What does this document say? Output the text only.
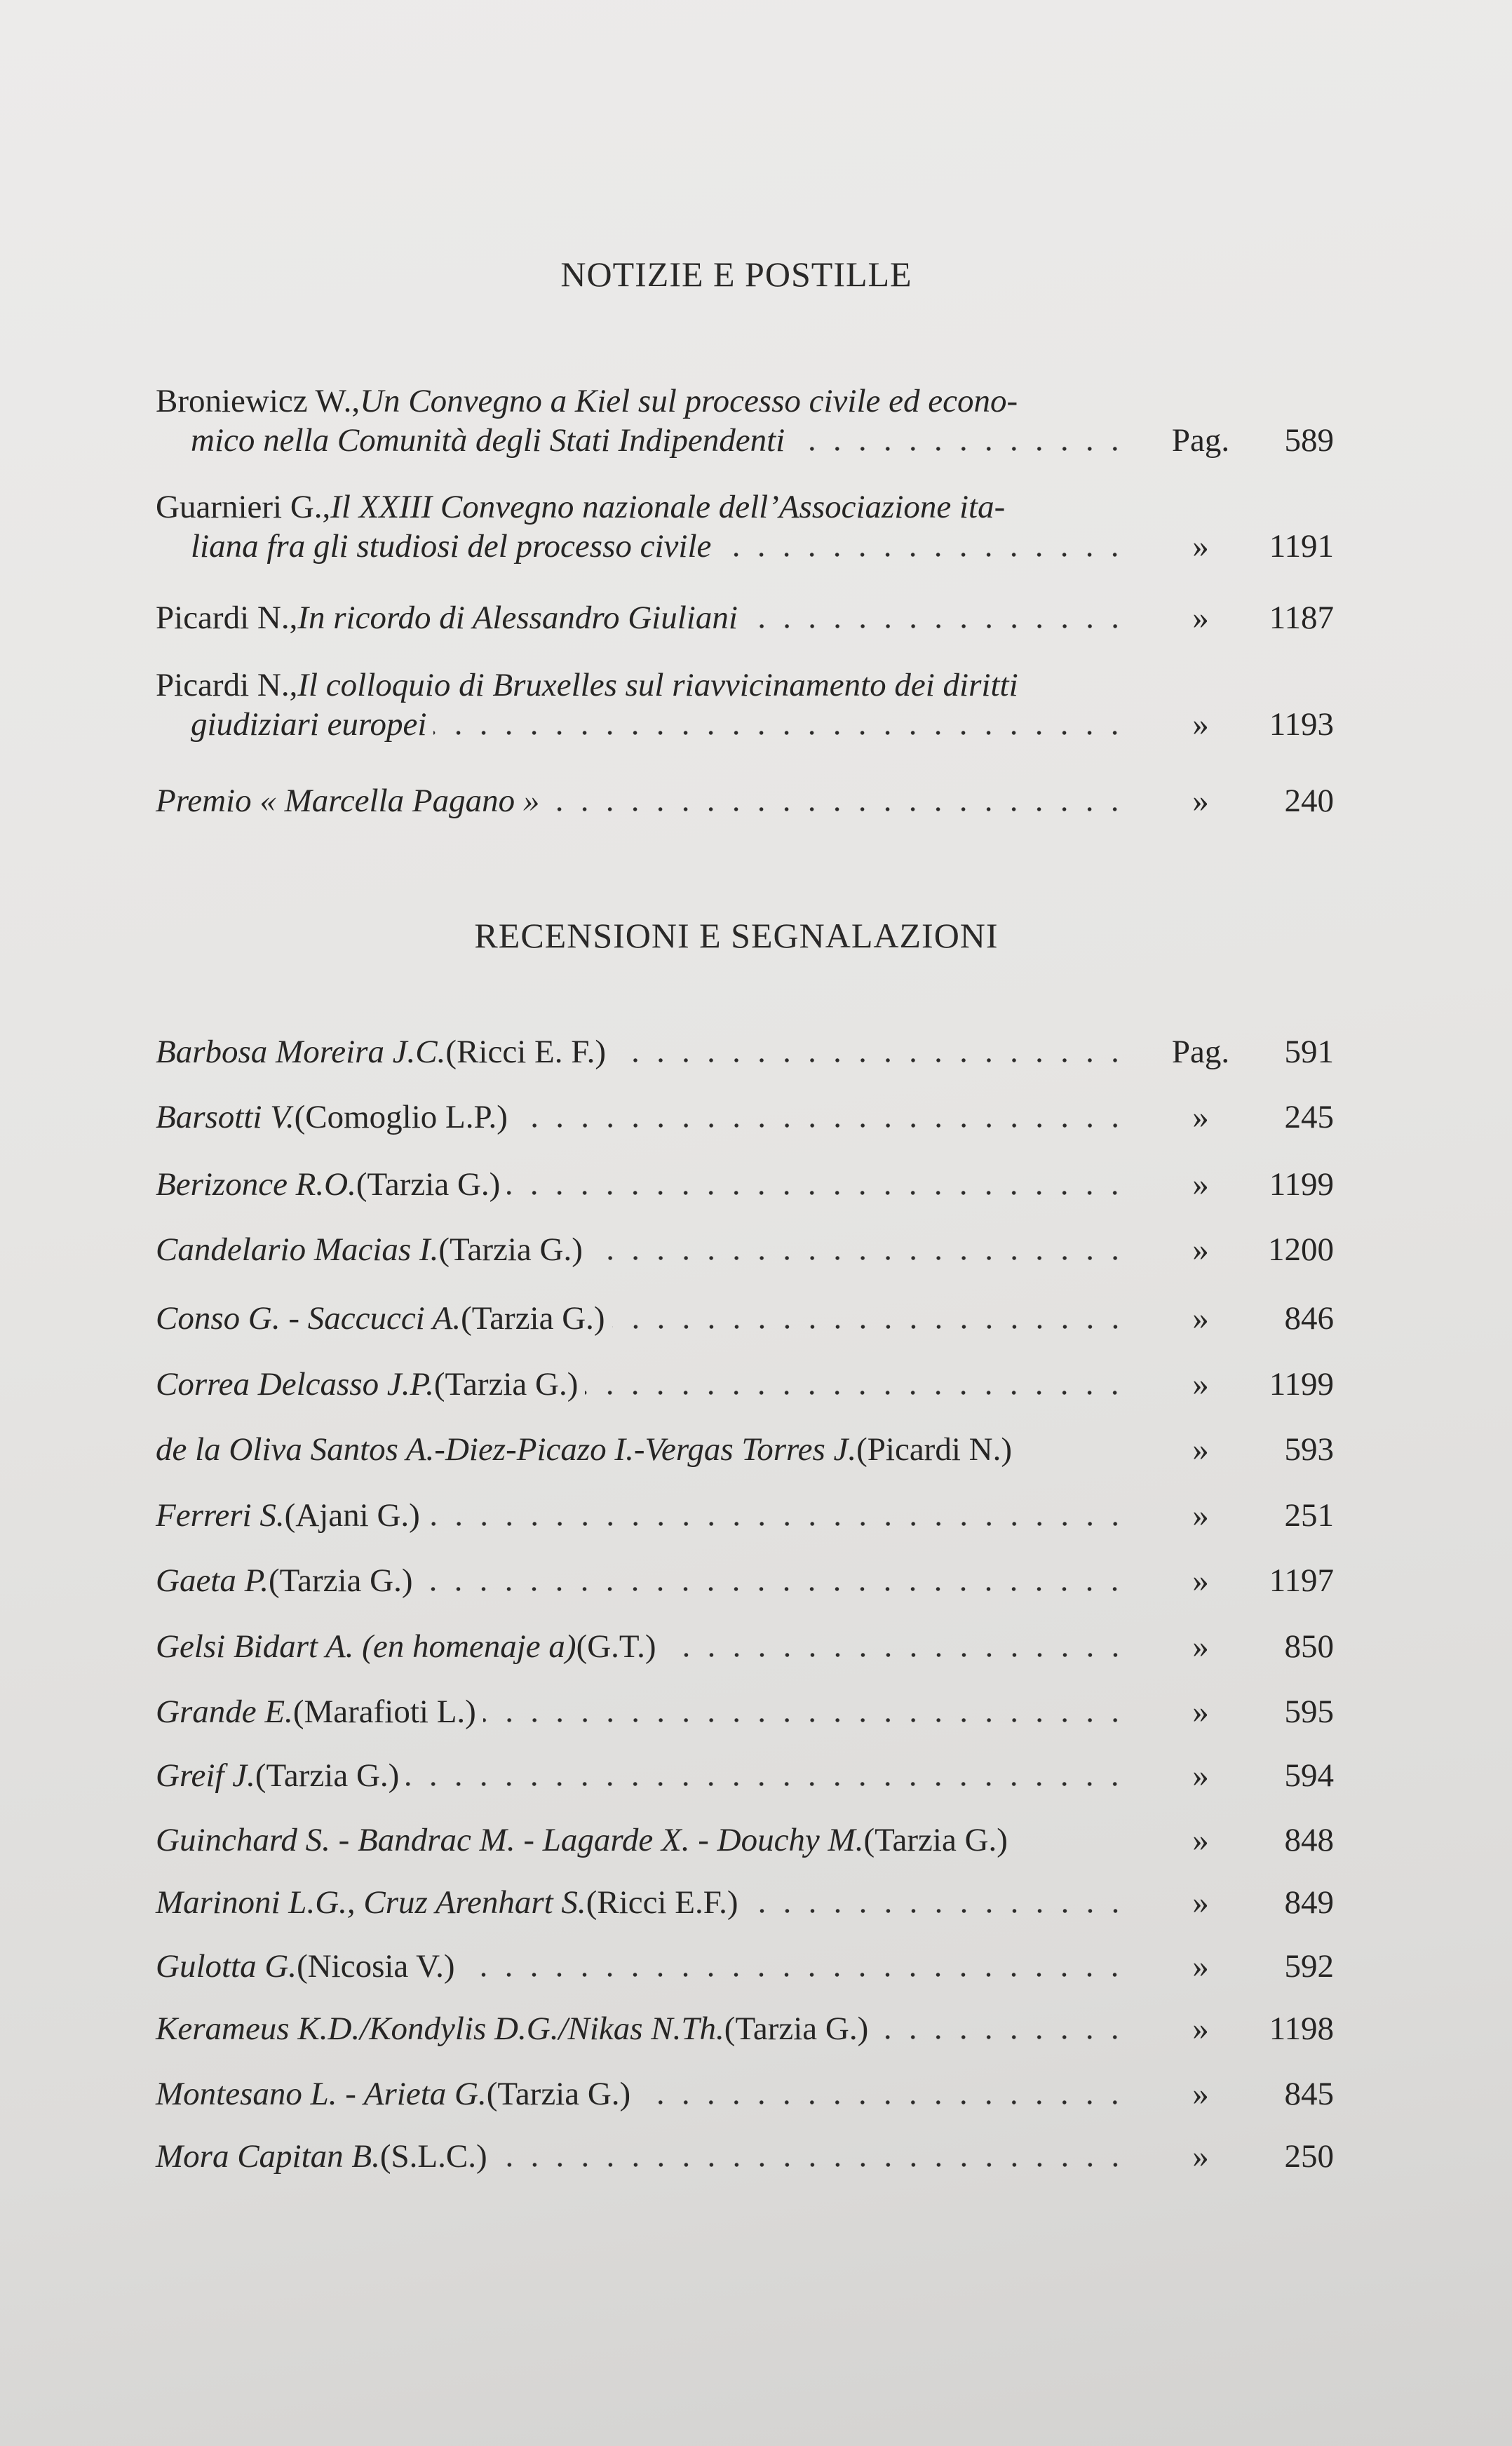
NOTIZIE E POSTILLE
Broniewicz W., Un Convegno a Kiel sul processo civile ed econo-
mico nella Comunità degli Stati Indipendenti	Pag.	589
Guarnieri G., Il XXIII Convegno nazionale dell’Associazione ita-
liana fra gli studiosi del processo civile	»	1191
Picardi N., In ricordo di Alessandro Giuliani	»	1187
Picardi N., Il colloquio di Bruxelles sul riavvicinamento dei diritti
giudiziari europei	»	1193
Premio « Marcella Pagano »	»	240
RECENSIONI E SEGNALAZIONI
Barbosa Moreira J.C. (Ricci E. F.)	Pag.	591
Barsotti V. (Comoglio L.P.)	»	245
Berizonce R.O. (Tarzia G.)	»	1199
Candelario Macias I. (Tarzia G.)	»	1200
Conso G. - Saccucci A. (Tarzia G.)	»	846
Correa Delcasso J.P. (Tarzia G.)	»	1199
de la Oliva Santos A.-Diez-Picazo I.-Vergas Torres J. (Picardi N.)	»	593
Ferreri S. (Ajani G.)	»	251
Gaeta P. (Tarzia G.)	»	1197
Gelsi Bidart A. (en homenaje a) (G.T.)	»	850
Grande E. (Marafioti L.)	»	595
Greif J. (Tarzia G.)	»	594
Guinchard S. - Bandrac M. - Lagarde X. - Douchy M. (Tarzia G.)	»	848
Marinoni L.G., Cruz Arenhart S. (Ricci E.F.)	»	849
Gulotta G. (Nicosia V.)	»	592
Kerameus K.D./Kondylis D.G./Nikas N.Th. (Tarzia G.)	»	1198
Montesano L. - Arieta G. (Tarzia G.)	»	845
Mora Capitan B. (S.L.C.)	»	250
